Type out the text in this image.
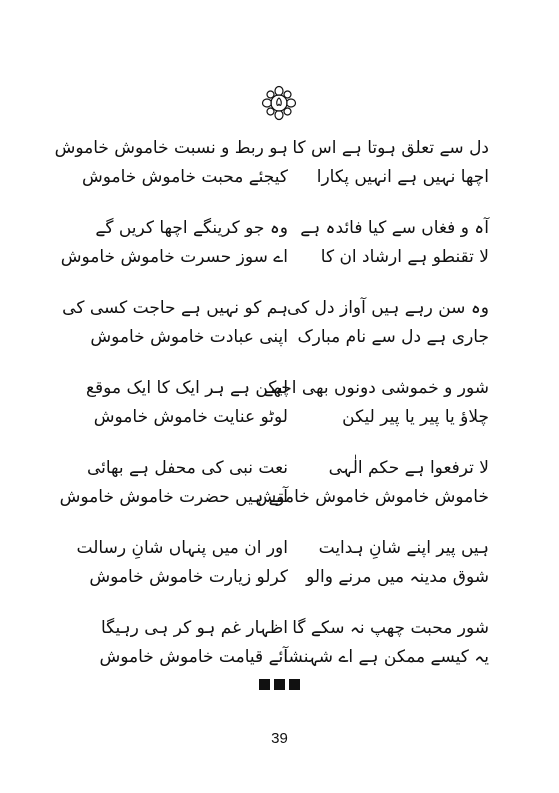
۵
دل سے تعلق ہوتا ہے اس کا
اچھا نہیں ہے انہیں پکارا
ہو ربط و نسبت خاموش خاموش
کیجئے محبت خاموش خاموش
آہ و فغاں سے کیا فائدہ ہے
لا تقنطو ہے ارشاد ان کا
وہ جو کرینگے اچھا کریں گے
اے سوز حسرت خاموش خاموش
وہ سن رہے ہیں آواز دل کی
جاری ہے دل سے نام مبارک
ہم کو نہیں ہے حاجت کسی کی
اپنی عبادت خاموش خاموش
شور و خموشی دونوں بھی اچھے
چلاؤ یا پیر یا پیر لیکن
لیکن ہے ہر ایک کا ایک موقع
لوٹو عنایت خاموش خاموش
لا ترفعوا ہے حکم الٰہی
خاموش خاموش خاموش خاموش
نعت نبی کی محفل ہے بھائی
آتے ہیں حضرت خاموش خاموش
ہیں پیر اپنے شانِ ہدایت
شوق مدینہ میں مرنے والو
اور ان میں پنہاں شانِ رسالت
کرلو زیارت خاموش خاموش
شور محبت چھپ نہ سکے گا
یہ کیسے ممکن ہے اے شہنشا
اظہار غم ہو کر ہی رہیگا
آئے قیامت خاموش خاموش
39
